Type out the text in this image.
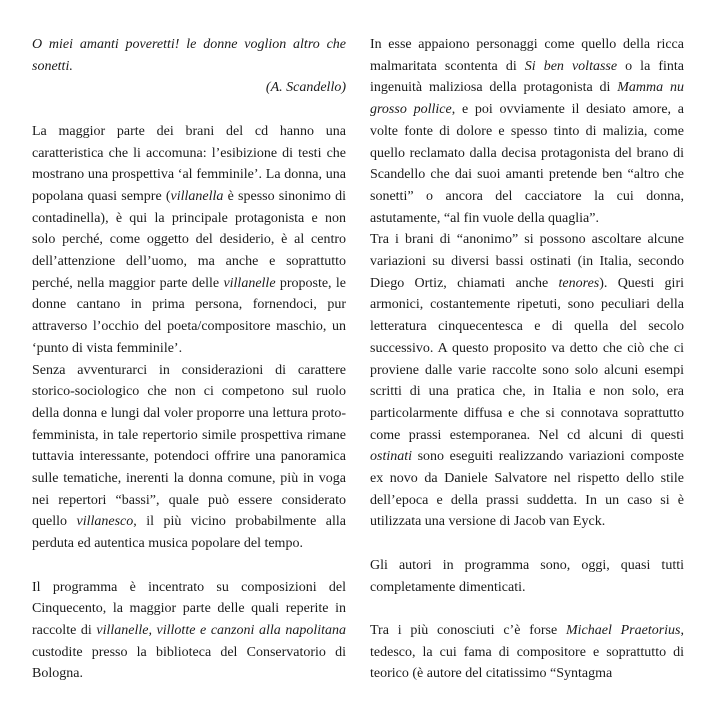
O miei amanti poveretti! le donne voglion altro che sonetti.

(A. Scandello)

La maggior parte dei brani del cd hanno una caratteristica che li accomuna: l’esibizione di testi che mostrano una prospettiva ‘al femminile’. La donna, una popolana quasi sempre (villanella è spesso sinonimo di contadinella), è qui la principale protagonista e non solo perché, come oggetto del desiderio, è al centro dell’attenzione dell’uomo, ma anche e soprattutto perché, nella maggior parte delle villanelle proposte, le donne cantano in prima persona, fornendoci, pur attraverso l’occhio del poeta/compositore maschio, un ‘punto di vista femminile’.

Senza avventurarci in considerazioni di carattere storico-sociologico che non ci competono sul ruolo della donna e lungi dal voler proporre una lettura proto-femminista, in tale repertorio simile prospettiva rimane tuttavia interessante, potendoci offrire una panoramica sulle tematiche, inerenti la donna comune, più in voga nei repertori “bassi”, quale può essere considerato quello villanesco, il più vicino probabilmente alla perduta ed autentica musica popolare del tempo.

Il programma è incentrato su composizioni del Cinquecento, la maggior parte delle quali reperite in raccolte di villanelle, villotte e canzoni alla napolitana custodite presso la biblioteca del Conservatorio di Bologna.

In esse appaiono personaggi come quello della ricca malmaritata scontenta di Si ben voltasse o la finta ingenuità maliziosa della protagonista di Mamma nu grosso pollice, e poi ovviamente il desiato amore, a volte fonte di dolore e spesso tinto di malizia, come quello reclamato dalla decisa protagonista del brano di Scandello che dai suoi amanti pretende ben “altro che sonetti” o ancora del cacciatore la cui donna, astutamente, “al fin vuole della quaglia”.

Tra i brani di “anonimo” si possono ascoltare alcune variazioni su diversi bassi ostinati (in Italia, secondo Diego Ortiz, chiamati anche tenores). Questi giri armonici, costantemente ripetuti, sono peculiari della letteratura cinquecentesca e di quella del secolo successivo. A questo proposito va detto che ciò che ci proviene dalle varie raccolte sono solo alcuni esempi scritti di una pratica che, in Italia e non solo, era particolarmente diffusa e che si connotava soprattutto come prassi estemporanea. Nel cd alcuni di questi ostinati sono eseguiti realizzando variazioni composte ex novo da Daniele Salvatore nel rispetto dello stile dell’epoca e della prassi suddetta. In un caso si è utilizzata una versione di Jacob van Eyck.

Gli autori in programma sono, oggi, quasi tutti completamente dimenticati.

Tra i più conosciuti c’è forse Michael Praetorius, tedesco, la cui fama di compositore e soprattutto di teorico (è autore del citatissimo “Syntagma
